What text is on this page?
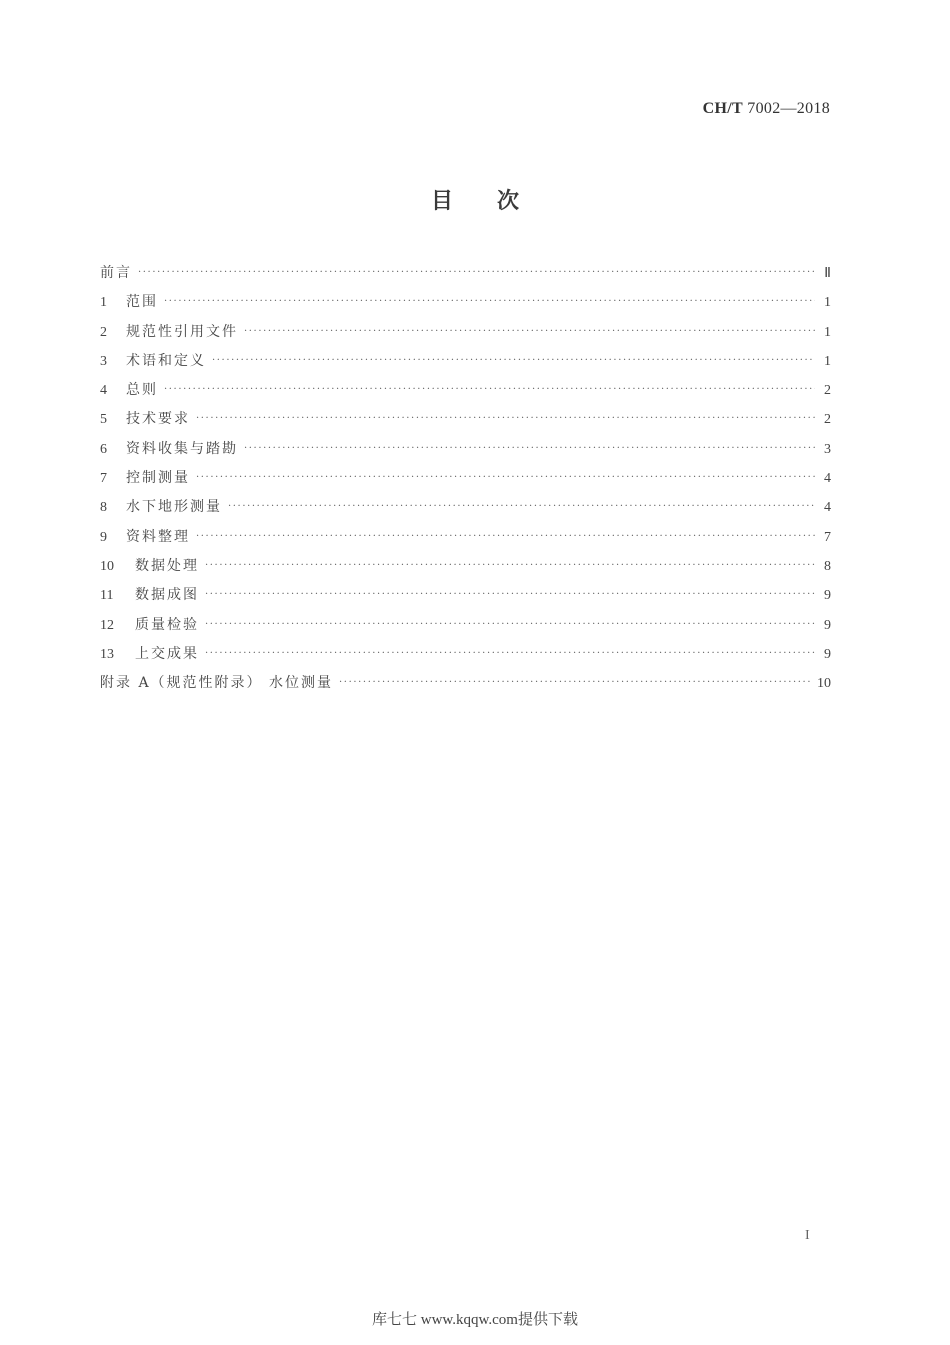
CH/T 7002—2018
目 次
前言 ·····	Ⅱ
1	范围 ·····	1
2	规范性引用文件 ·····	1
3	术语和定义 ·····	1
4	总则 ·····	2
5	技术要求 ·····	2
6	资料收集与踏勘 ·····	3
7	控制测量 ·····	4
8	水下地形测量 ·····	4
9	资料整理 ·····	7
10	数据处理 ·····	8
11	数据成图 ·····	9
12	质量检验 ·····	9
13	上交成果 ·····	9
附录 A（规范性附录） 水位测量 ·····	10
I
库七七 www.kqqw.com提供下载
